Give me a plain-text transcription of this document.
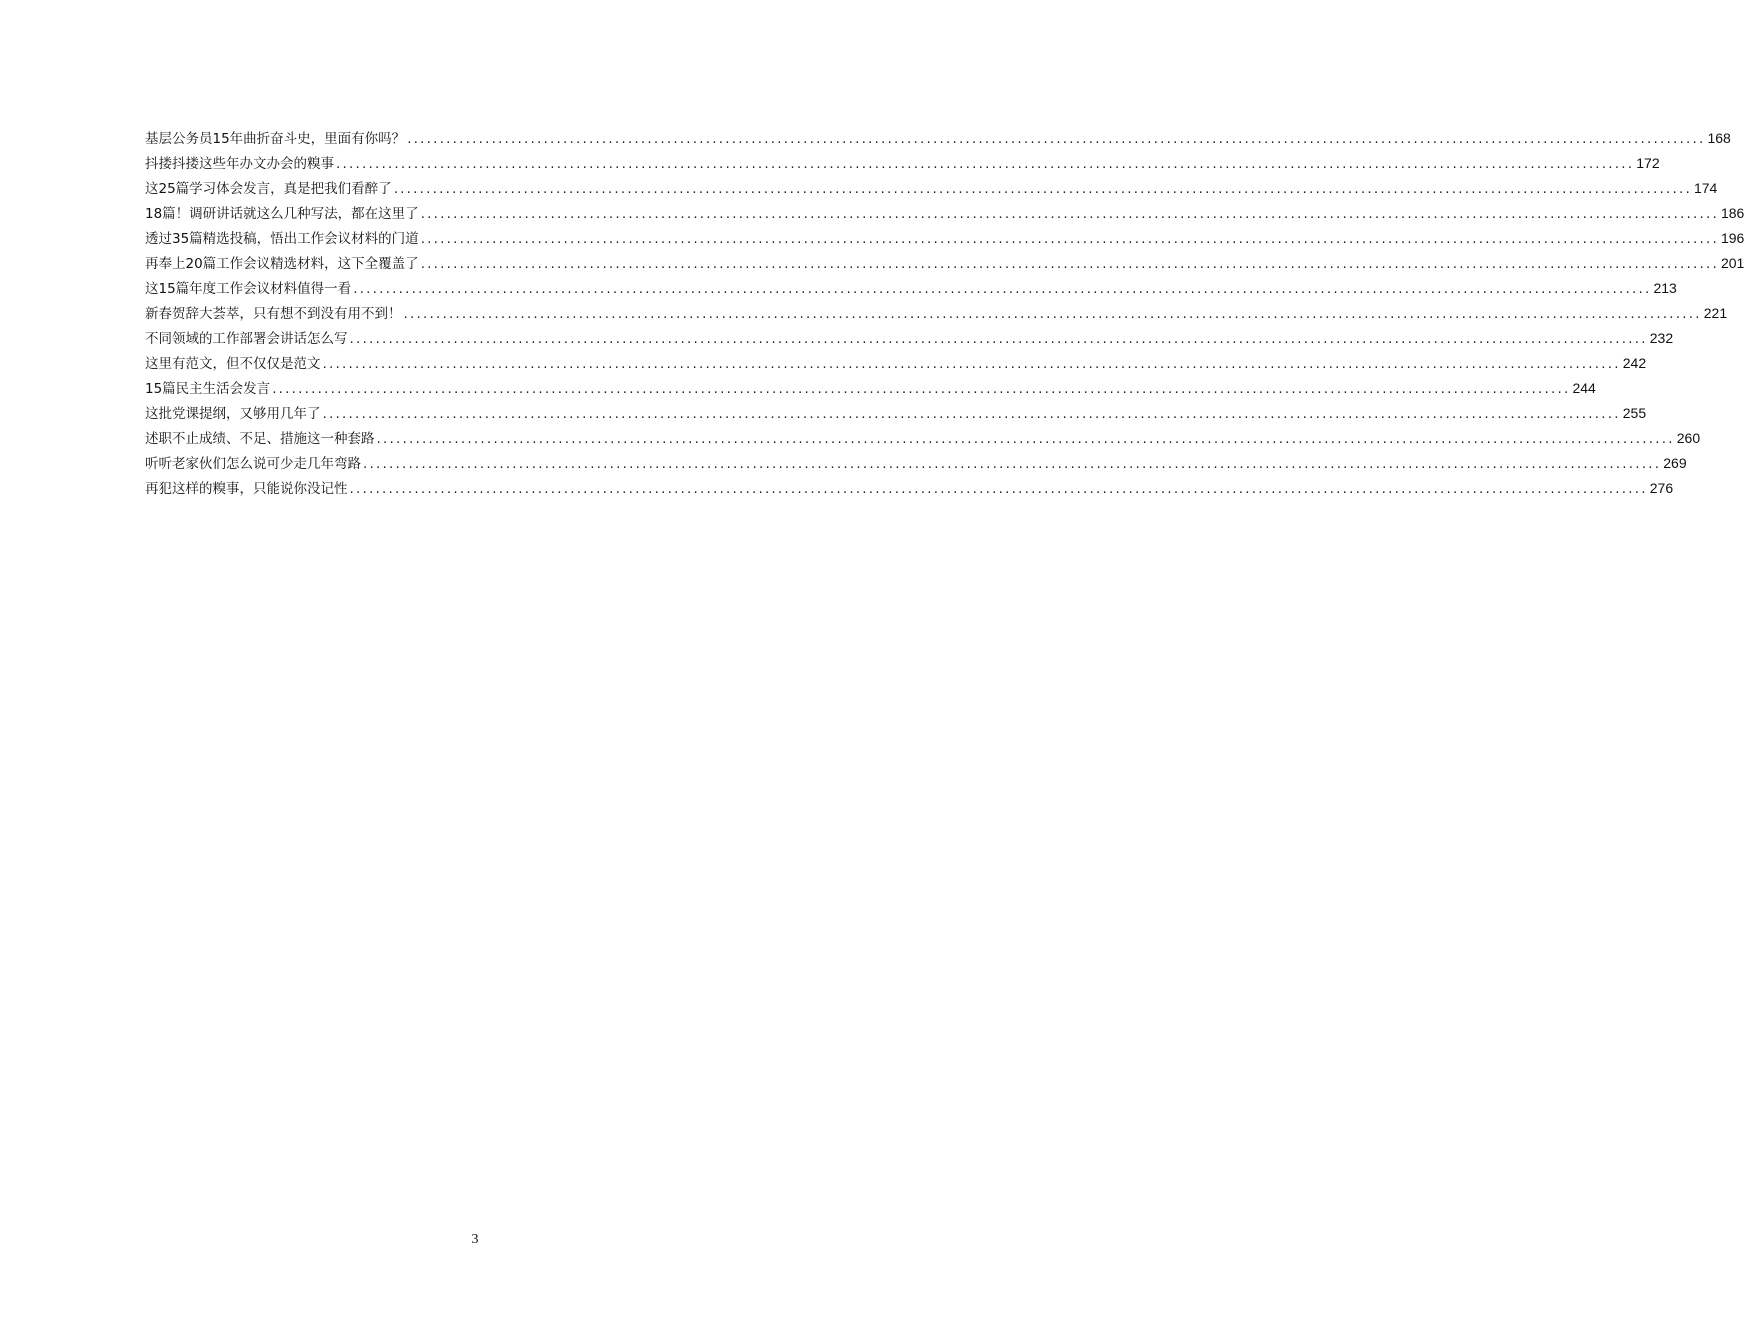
基层公务员15年曲折奋斗史，里面有你吗？ ........................................................................................................................................................................................................ 168
抖搂抖搂这些年办文办会的糗事 ........................................................................................................................................................................................................ 172
这25篇学习体会发言，真是把我们看醉了 ........................................................................................................................................................................................................ 174
18篇！调研讲话就这么几种写法，都在这里了 ........................................................................................................................................................................................................ 186
透过35篇精选投稿，悟出工作会议材料的门道 ........................................................................................................................................................................................................ 196
再奉上20篇工作会议精选材料，这下全覆盖了 ........................................................................................................................................................................................................ 201
这15篇年度工作会议材料值得一看 ........................................................................................................................................................................................................ 213
新春贺辞大荟萃，只有想不到没有用不到！ ........................................................................................................................................................................................................ 221
不同领域的工作部署会讲话怎么写 ........................................................................................................................................................................................................ 232
这里有范文，但不仅仅是范文 ........................................................................................................................................................................................................ 242
15篇民主生活会发言 ........................................................................................................................................................................................................ 244
这批党课提纲，又够用几年了 ........................................................................................................................................................................................................ 255
述职不止成绩、不足、措施这一种套路 ........................................................................................................................................................................................................ 260
听听老家伙们怎么说可少走几年弯路 ........................................................................................................................................................................................................ 269
再犯这样的糗事，只能说你没记性 ........................................................................................................................................................................................................ 276
3
